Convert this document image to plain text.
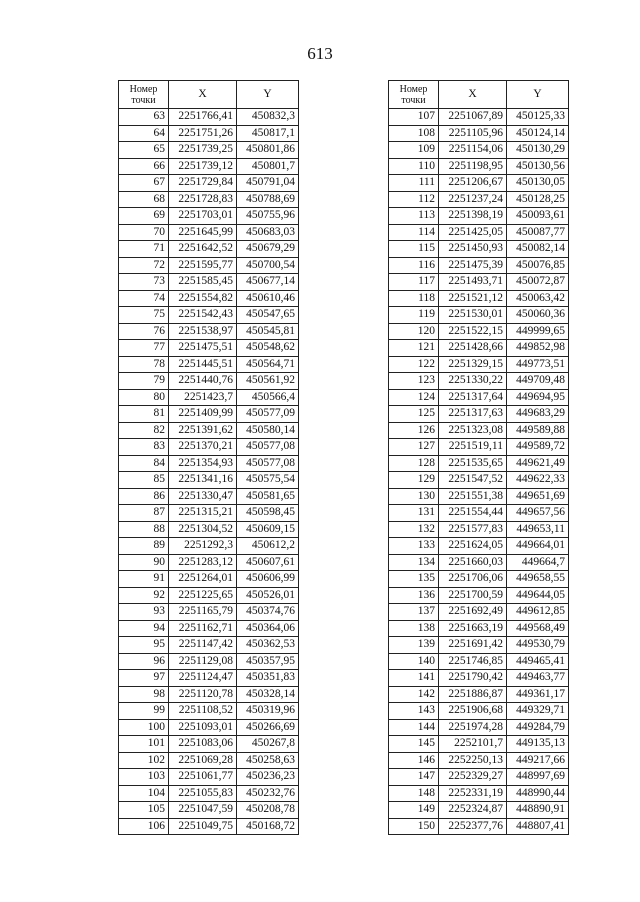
613
Номер точки	X	Y
63	2251766,41	450832,3
64	2251751,26	450817,1
65	2251739,25	450801,86
66	2251739,12	450801,7
67	2251729,84	450791,04
68	2251728,83	450788,69
69	2251703,01	450755,96
70	2251645,99	450683,03
71	2251642,52	450679,29
72	2251595,77	450700,54
73	2251585,45	450677,14
74	2251554,82	450610,46
75	2251542,43	450547,65
76	2251538,97	450545,81
77	2251475,51	450548,62
78	2251445,51	450564,71
79	2251440,76	450561,92
80	2251423,7	450566,4
81	2251409,99	450577,09
82	2251391,62	450580,14
83	2251370,21	450577,08
84	2251354,93	450577,08
85	2251341,16	450575,54
86	2251330,47	450581,65
87	2251315,21	450598,45
88	2251304,52	450609,15
89	2251292,3	450612,2
90	2251283,12	450607,61
91	2251264,01	450606,99
92	2251225,65	450526,01
93	2251165,79	450374,76
94	2251162,71	450364,06
95	2251147,42	450362,53
96	2251129,08	450357,95
97	2251124,47	450351,83
98	2251120,78	450328,14
99	2251108,52	450319,96
100	2251093,01	450266,69
101	2251083,06	450267,8
102	2251069,28	450258,63
103	2251061,77	450236,23
104	2251055,83	450232,76
105	2251047,59	450208,78
106	2251049,75	450168,72
Номер точки	X	Y
107	2251067,89	450125,33
108	2251105,96	450124,14
109	2251154,06	450130,29
110	2251198,95	450130,56
111	2251206,67	450130,05
112	2251237,24	450128,25
113	2251398,19	450093,61
114	2251425,05	450087,77
115	2251450,93	450082,14
116	2251475,39	450076,85
117	2251493,71	450072,87
118	2251521,12	450063,42
119	2251530,01	450060,36
120	2251522,15	449999,65
121	2251428,66	449852,98
122	2251329,15	449773,51
123	2251330,22	449709,48
124	2251317,64	449694,95
125	2251317,63	449683,29
126	2251323,08	449589,88
127	2251519,11	449589,72
128	2251535,65	449621,49
129	2251547,52	449622,33
130	2251551,38	449651,69
131	2251554,44	449657,56
132	2251577,83	449653,11
133	2251624,05	449664,01
134	2251660,03	449664,7
135	2251706,06	449658,55
136	2251700,59	449644,05
137	2251692,49	449612,85
138	2251663,19	449568,49
139	2251691,42	449530,79
140	2251746,85	449465,41
141	2251790,42	449463,77
142	2251886,87	449361,17
143	2251906,68	449329,71
144	2251974,28	449284,79
145	2252101,7	449135,13
146	2252250,13	449217,66
147	2252329,27	448997,69
148	2252331,19	448990,44
149	2252324,87	448890,91
150	2252377,76	448807,41
